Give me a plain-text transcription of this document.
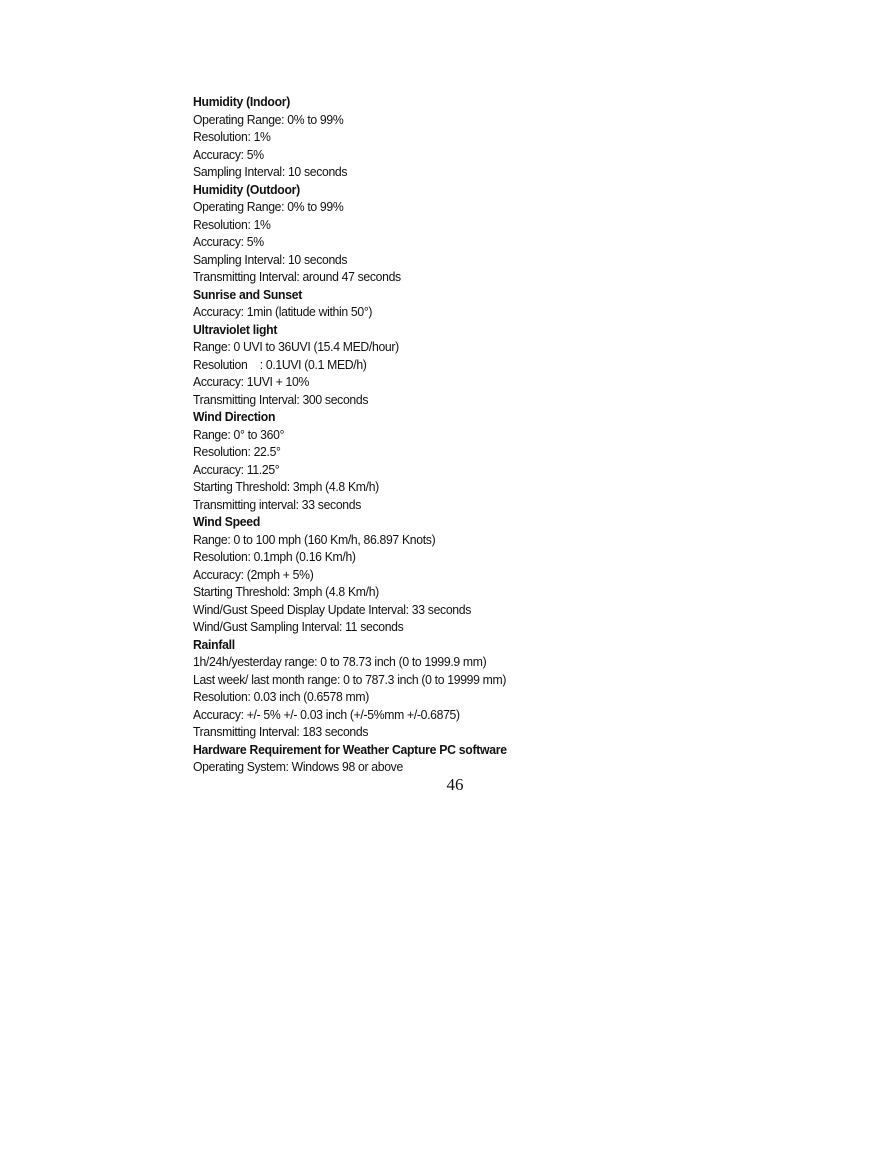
Humidity (Indoor)
Operating Range: 0% to 99%
Resolution: 1%
Accuracy: 5%
Sampling Interval: 10 seconds
Humidity (Outdoor)
Operating Range: 0% to 99%
Resolution: 1%
Accuracy: 5%
Sampling Interval: 10 seconds
Transmitting Interval: around 47 seconds
Sunrise and Sunset
Accuracy: 1min (latitude within 50°)
Ultraviolet light
Range: 0 UVI to 36UVI (15.4 MED/hour)
Resolution    : 0.1UVI (0.1 MED/h)
Accuracy: 1UVI + 10%
Transmitting Interval: 300 seconds
Wind Direction
Range: 0° to 360°
Resolution: 22.5°
Accuracy: 11.25°
Starting Threshold: 3mph (4.8 Km/h)
Transmitting interval: 33 seconds
Wind Speed
Range: 0 to 100 mph (160 Km/h, 86.897 Knots)
Resolution: 0.1mph (0.16 Km/h)
Accuracy: (2mph + 5%)
Starting Threshold: 3mph (4.8 Km/h)
Wind/Gust Speed Display Update Interval: 33 seconds
Wind/Gust Sampling Interval: 11 seconds
Rainfall
1h/24h/yesterday range: 0 to 78.73 inch (0 to 1999.9 mm)
Last week/ last month range: 0 to 787.3 inch (0 to 19999 mm)
Resolution: 0.03 inch (0.6578 mm)
Accuracy: +/- 5% +/- 0.03 inch (+/-5%mm +/-0.6875)
Transmitting Interval: 183 seconds
Hardware Requirement for Weather Capture PC software
Operating System: Windows 98 or above
46
